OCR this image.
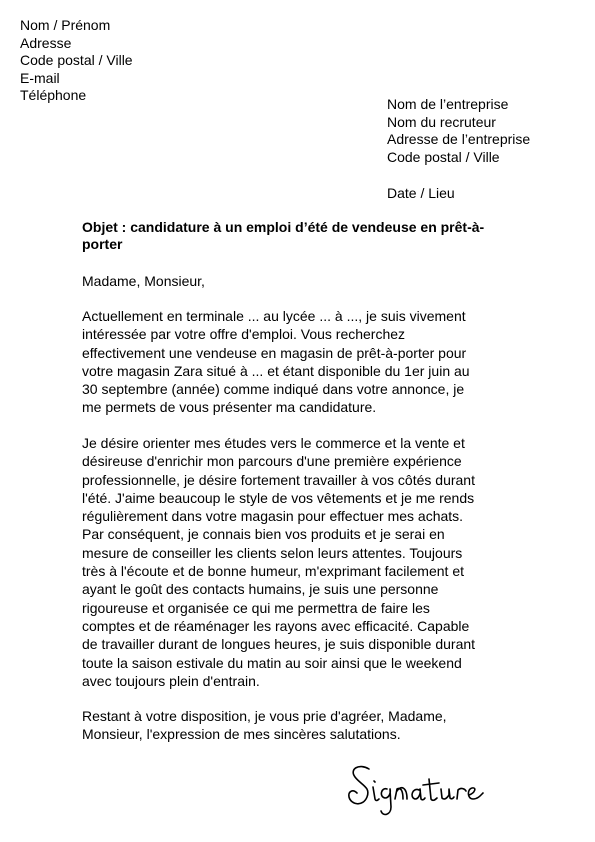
Nom / Prénom
Adresse
Code postal / Ville
E-mail
Téléphone
Nom de l’entreprise
Nom du recruteur
Adresse de l’entreprise
Code postal / Ville
Date / Lieu
Objet : candidature à un emploi d’été de vendeuse en prêt-à-porter
Madame, Monsieur,
Actuellement en terminale ... au lycée ... à ..., je suis vivement
intéressée par votre offre d'emploi. Vous recherchez
effectivement une vendeuse en magasin de prêt-à-porter pour
votre magasin Zara situé à ... et étant disponible du 1er juin au
30 septembre (année) comme indiqué dans votre annonce, je
me permets de vous présenter ma candidature.
Je désire orienter mes études vers le commerce et la vente et
désireuse d'enrichir mon parcours d'une première expérience
professionnelle, je désire fortement travailler à vos côtés durant
l'été. J'aime beaucoup le style de vos vêtements et je me rends
régulièrement dans votre magasin pour effectuer mes achats.
Par conséquent, je connais bien vos produits et je serai en
mesure de conseiller les clients selon leurs attentes. Toujours
très à l'écoute et de bonne humeur, m'exprimant facilement et
ayant le goût des contacts humains, je suis une personne
rigoureuse et organisée ce qui me permettra de faire les
comptes et de réaménager les rayons avec efficacité. Capable
de travailler durant de longues heures, je suis disponible durant
toute la saison estivale du matin au soir ainsi que le weekend
avec toujours plein d'entrain.
Restant à votre disposition, je vous prie d'agréer, Madame,
Monsieur, l'expression de mes sincères salutations.
